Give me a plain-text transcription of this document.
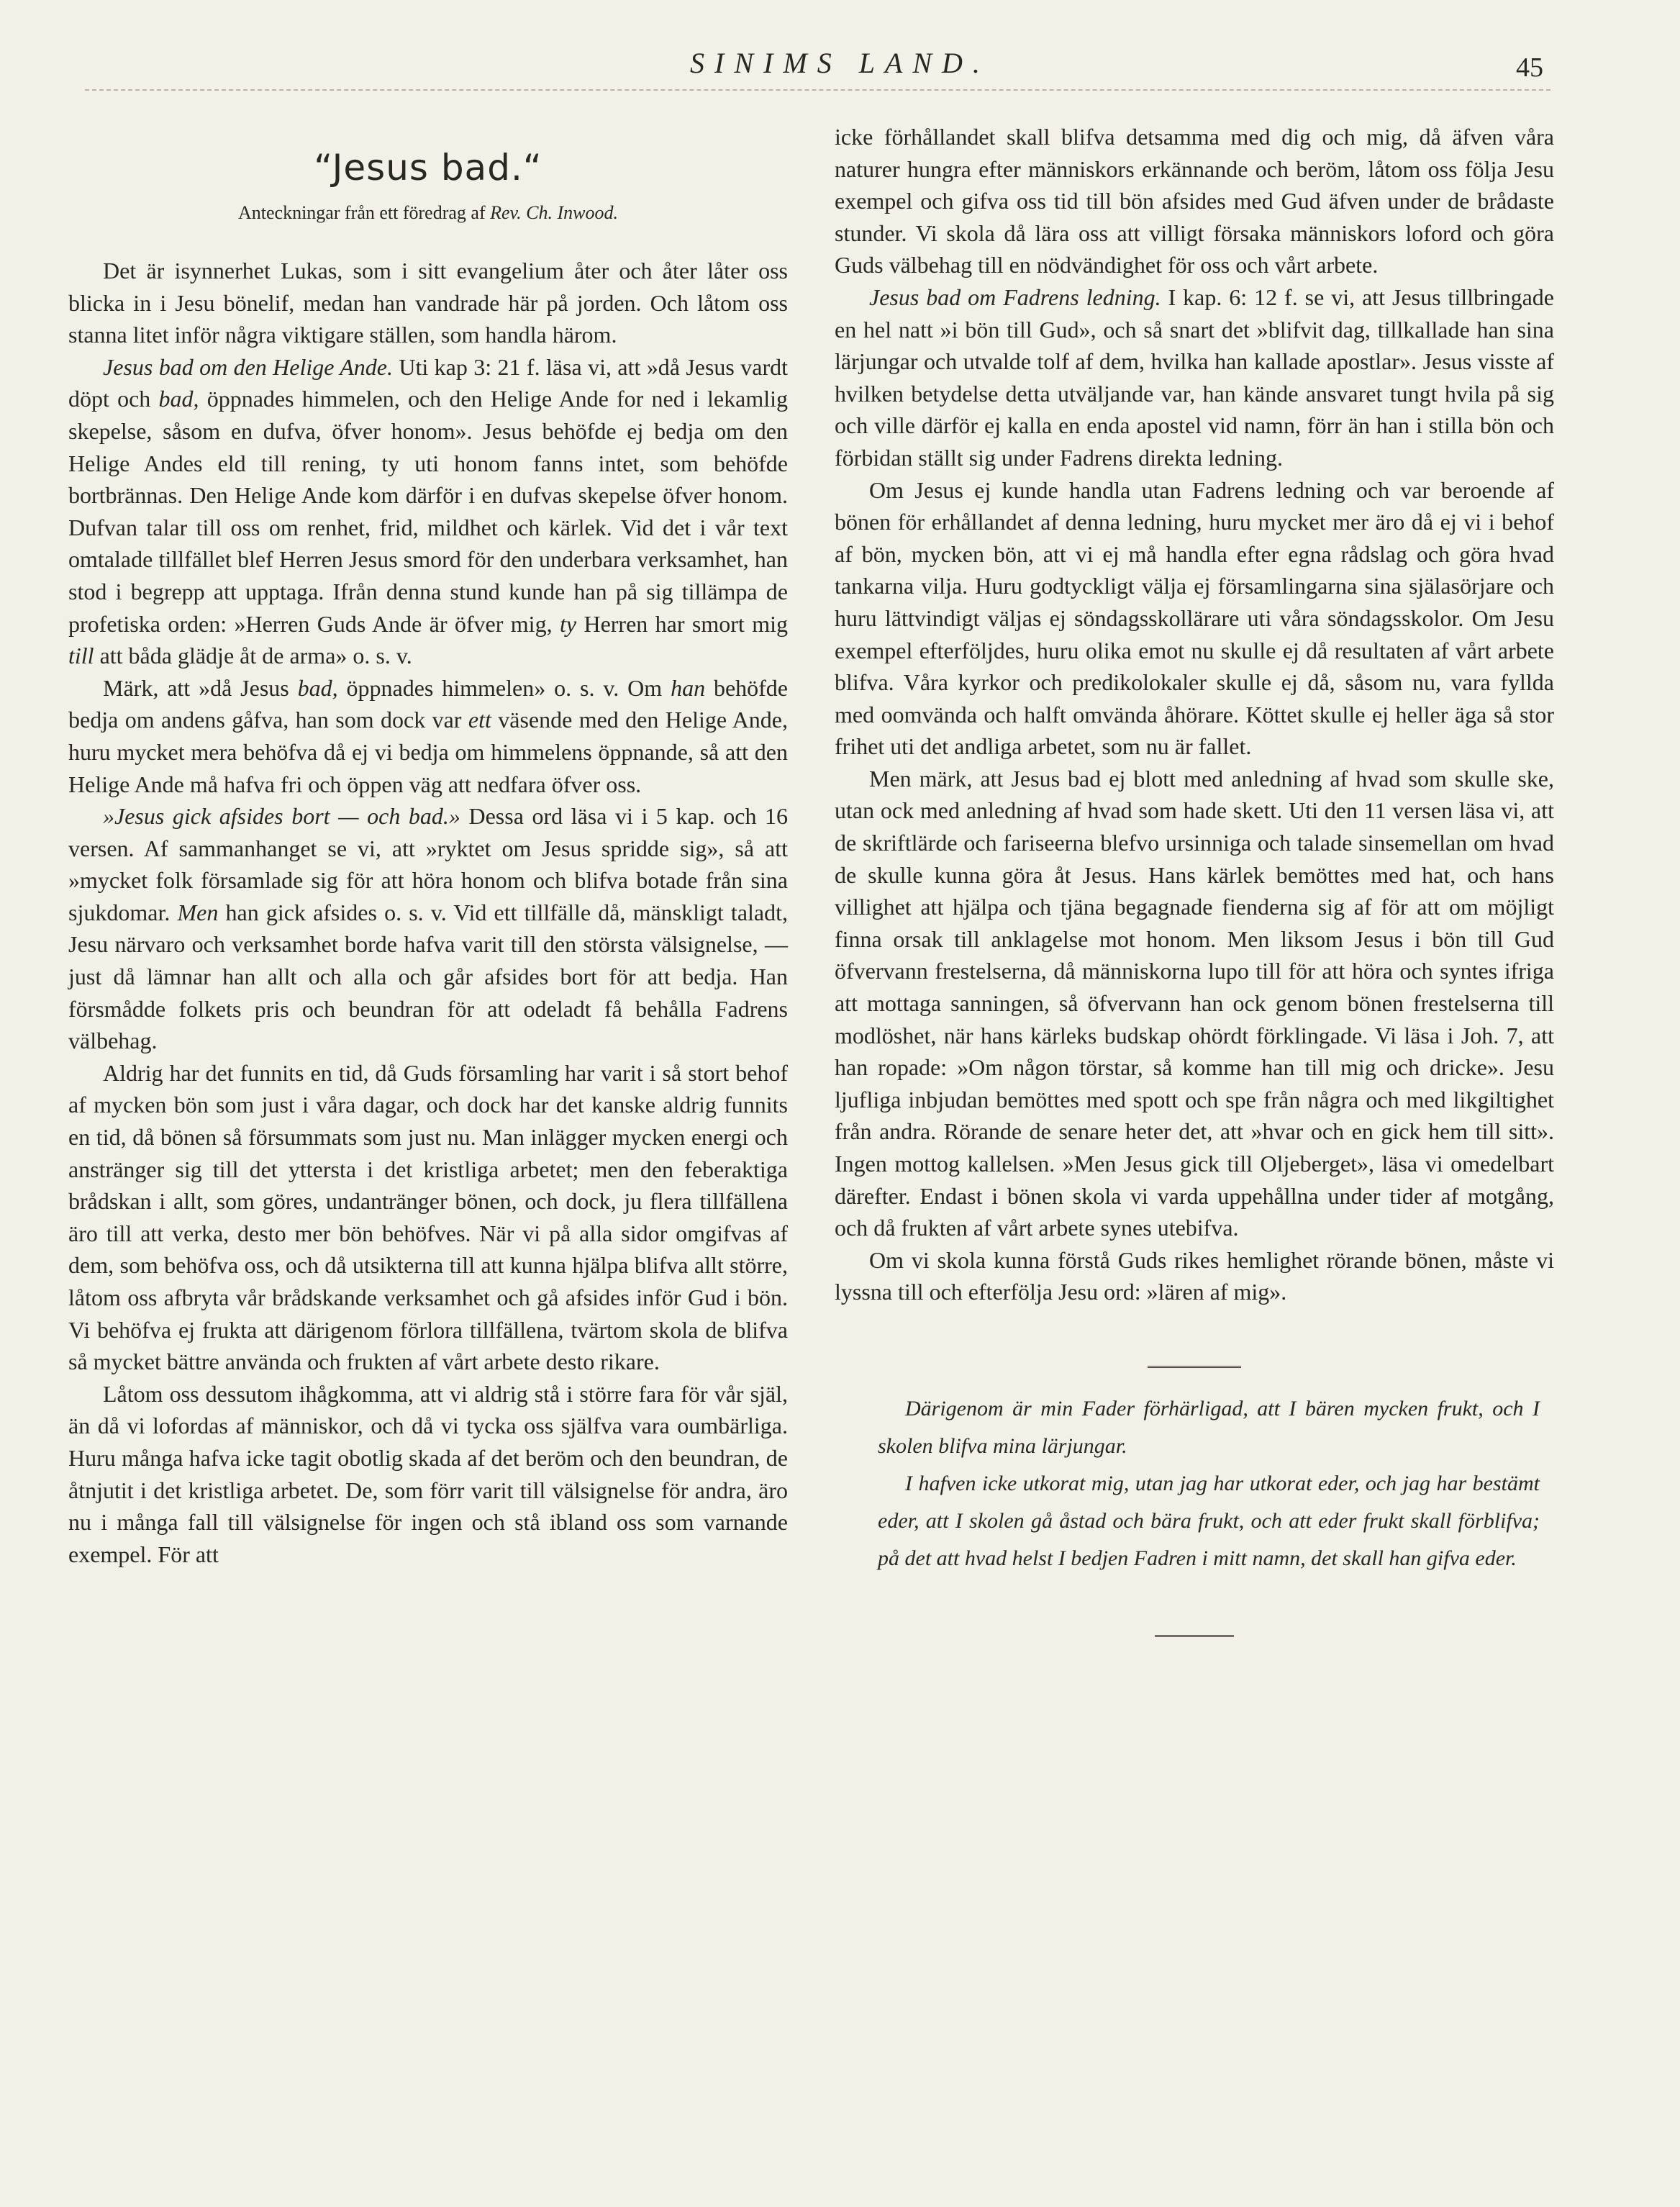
SINIMS LAND.	45
“Jesus bad.“
Anteckningar från ett föredrag af Rev. Ch. Inwood.

Det är isynnerhet Lukas, som i sitt evangelium åter och åter låter oss blicka in i Jesu bönelif, medan han vandrade här på jorden. Och låtom oss stanna litet inför några viktigare ställen, som handla härom.

Jesus bad om den Helige Ande. Uti kap 3: 21 f. läsa vi, att »då Jesus vardt döpt och bad, öppnades himmelen, och den Helige Ande for ned i lekamlig skepelse, såsom en dufva, öfver honom». Jesus behöfde ej bedja om den Helige Andes eld till rening, ty uti honom fanns intet, som behöfde bortbrännas. Den Helige Ande kom därför i en dufvas skepelse öfver honom. Dufvan talar till oss om renhet, frid, mildhet och kärlek. Vid det i vår text omtalade tillfället blef Herren Jesus smord för den underbara verksamhet, han stod i begrepp att upptaga. Ifrån denna stund kunde han på sig tillämpa de profetiska orden: »Herren Guds Ande är öfver mig, ty Herren har smort mig till att båda glädje åt de arma» o. s. v.

Märk, att »då Jesus bad, öppnades himmelen» o. s. v. Om han behöfde bedja om andens gåfva, han som dock var ett väsende med den Helige Ande, huru mycket mera behöfva då ej vi bedja om himmelens öppnande, så att den Helige Ande må hafva fri och öppen väg att nedfara öfver oss.

»Jesus gick afsides bort — och bad.» Dessa ord läsa vi i 5 kap. och 16 versen. Af sammanhanget se vi, att »ryktet om Jesus spridde sig», så att »mycket folk församlade sig för att höra honom och blifva botade från sina sjukdomar. Men han gick afsides o. s. v. Vid ett tillfälle då, mänskligt taladt, Jesu närvaro och verksamhet borde hafva varit till den största välsignelse, — just då lämnar han allt och alla och går afsides bort för att bedja. Han försmådde folkets pris och beundran för att odeladt få behålla Fadrens välbehag.

Aldrig har det funnits en tid, då Guds församling har varit i så stort behof af mycken bön som just i våra dagar, och dock har det kanske aldrig funnits en tid, då bönen så försummats som just nu. Man inlägger mycken energi och anstränger sig till det yttersta i det kristliga arbetet; men den feberaktiga brådskan i allt, som göres, undantränger bönen, och dock, ju flera tillfällena äro till att verka, desto mer bön behöfves. När vi på alla sidor omgifvas af dem, som behöfva oss, och då utsikterna till att kunna hjälpa blifva allt större, låtom oss afbryta vår brådskande verksamhet och gå afsides inför Gud i bön. Vi behöfva ej frukta att därigenom förlora tillfällena, tvärtom skola de blifva så mycket bättre använda och frukten af vårt arbete desto rikare.

Låtom oss dessutom ihågkomma, att vi aldrig stå i större fara för vår själ, än då vi lofordas af människor, och då vi tycka oss själfva vara oumbärliga. Huru många hafva icke tagit obotlig skada af det beröm och den beundran, de åtnjutit i det kristliga arbetet. De, som förr varit till välsignelse för andra, äro nu i många fall till välsignelse för ingen och stå ibland oss som varnande exempel. För att

icke förhållandet skall blifva detsamma med dig och mig, då äfven våra naturer hungra efter människors erkännande och beröm, låtom oss följa Jesu exempel och gifva oss tid till bön afsides med Gud äfven under de brådaste stunder. Vi skola då lära oss att villigt försaka människors loford och göra Guds välbehag till en nödvändighet för oss och vårt arbete.

Jesus bad om Fadrens ledning. I kap. 6: 12 f. se vi, att Jesus tillbringade en hel natt »i bön till Gud», och så snart det »blifvit dag, tillkallade han sina lärjungar och utvalde tolf af dem, hvilka han kallade apostlar». Jesus visste af hvilken betydelse detta utväljande var, han kände ansvaret tungt hvila på sig och ville därför ej kalla en enda apostel vid namn, förr än han i stilla bön och förbidan ställt sig under Fadrens direkta ledning.

Om Jesus ej kunde handla utan Fadrens ledning och var beroende af bönen för erhållandet af denna ledning, huru mycket mer äro då ej vi i behof af bön, mycken bön, att vi ej må handla efter egna rådslag och göra hvad tankarna vilja. Huru godtyckligt välja ej församlingarna sina själasörjare och huru lättvindigt väljas ej söndagsskollärare uti våra söndagsskolor. Om Jesu exempel efterföljdes, huru olika emot nu skulle ej då resultaten af vårt arbete blifva. Våra kyrkor och predikolokaler skulle ej då, såsom nu, vara fyllda med oomvända och halft omvända åhörare. Köttet skulle ej heller äga så stor frihet uti det andliga arbetet, som nu är fallet.

Men märk, att Jesus bad ej blott med anledning af hvad som skulle ske, utan ock med anledning af hvad som hade skett. Uti den 11 versen läsa vi, att de skriftlärde och fariseerna blefvo ursinniga och talade sinsemellan om hvad de skulle kunna göra åt Jesus. Hans kärlek bemöttes med hat, och hans villighet att hjälpa och tjäna begagnade fienderna sig af för att om möjligt finna orsak till anklagelse mot honom. Men liksom Jesus i bön till Gud öfvervann frestelserna, då människorna lupo till för att höra och syntes ifriga att mottaga sanningen, så öfvervann han ock genom bönen frestelserna till modlöshet, när hans kärleks budskap ohördt förklingade. Vi läsa i Joh. 7, att han ropade: »Om någon törstar, så komme han till mig och dricke». Jesu ljufliga inbjudan bemöttes med spott och spe från några och med likgiltighet från andra. Rörande de senare heter det, att »hvar och en gick hem till sitt». Ingen mottog kallelsen. »Men Jesus gick till Oljeberget», läsa vi omedelbart därefter. Endast i bönen skola vi varda uppehållna under tider af motgång, och då frukten af vårt arbete synes utebifva.

Om vi skola kunna förstå Guds rikes hemlighet rörande bönen, måste vi lyssna till och efterfölja Jesu ord: »lären af mig».

Därigenom är min Fader förhärligad, att I bären mycken frukt, och I skolen blifva mina lärjungar.

I hafven icke utkorat mig, utan jag har utkorat eder, och jag har bestämt eder, att I skolen gå åstad och bära frukt, och att eder frukt skall förblifva; på det att hvad helst I bedjen Fadren i mitt namn, det skall han gifva eder.
